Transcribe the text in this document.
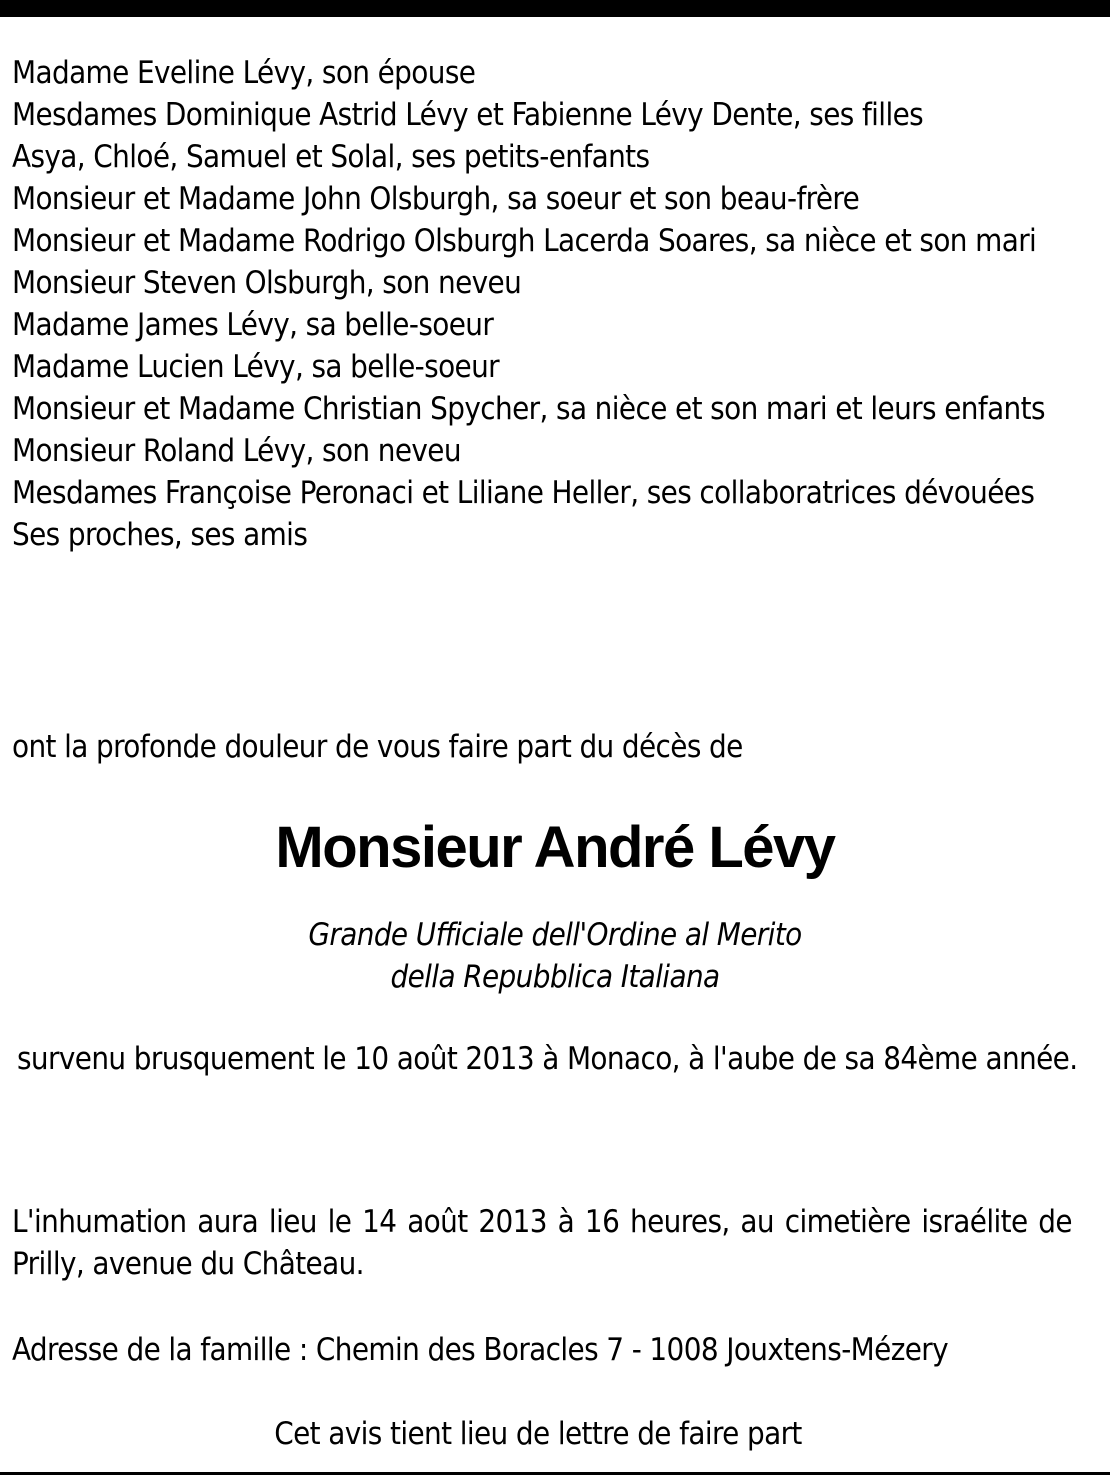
Madame Eveline Lévy, son épouse
Mesdames Dominique Astrid Lévy et Fabienne Lévy Dente, ses filles
Asya, Chloé, Samuel et Solal, ses petits-enfants
Monsieur et Madame John Olsburgh, sa soeur et son beau-frère
Monsieur et Madame Rodrigo Olsburgh Lacerda Soares, sa nièce et son mari
Monsieur Steven Olsburgh, son neveu
Madame James Lévy, sa belle-soeur
Madame Lucien Lévy, sa belle-soeur
Monsieur et Madame Christian Spycher, sa nièce et son mari et leurs enfants
Monsieur Roland Lévy, son neveu
Mesdames Françoise Peronaci et Liliane Heller, ses collaboratrices dévouées
Ses proches, ses amis
ont la profonde douleur de vous faire part du décès de
Monsieur André Lévy
Grande Ufficiale dell'Ordine al Merito
della Repubblica Italiana
survenu brusquement le 10 août 2013 à Monaco, à l'aube de sa 84ème année.
L'inhumation aura lieu le 14 août 2013 à 16 heures, au cimetière israélite de Prilly, avenue du Château.
Adresse de la famille : Chemin des Boracles 7 - 1008 Jouxtens-Mézery
Cet avis tient lieu de lettre de faire part
